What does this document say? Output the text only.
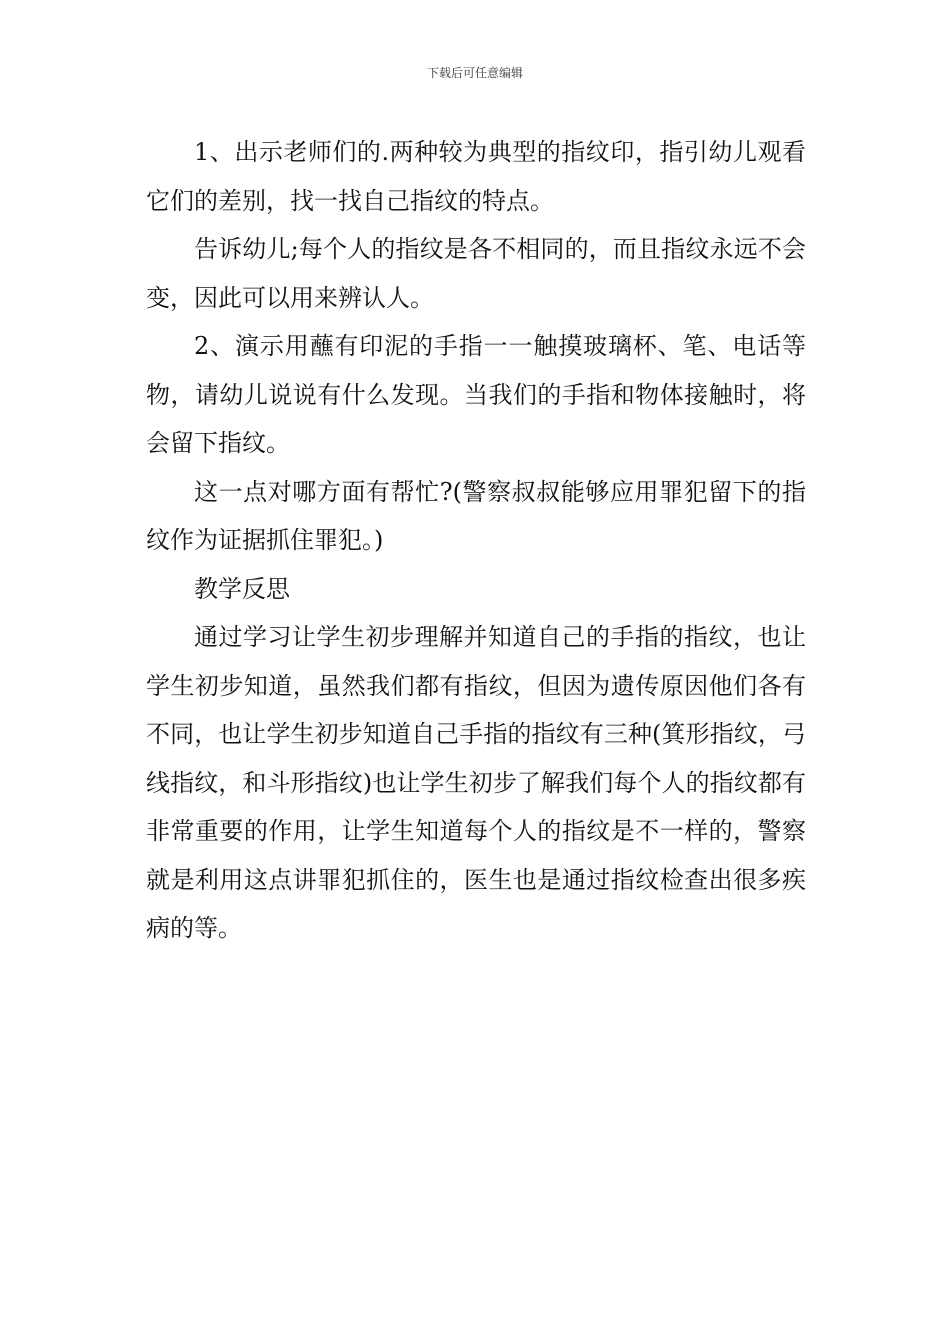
下载后可任意编辑

1、出示老师们的.两种较为典型的指纹印，指引幼儿观看它们的差别，找一找自己指纹的特点。

告诉幼儿;每个人的指纹是各不相同的，而且指纹永远不会变，因此可以用来辨认人。

2、演示用蘸有印泥的手指一一触摸玻璃杯、笔、电话等物，请幼儿说说有什么发现。当我们的手指和物体接触时，将会留下指纹。

这一点对哪方面有帮忙?(警察叔叔能够应用罪犯留下的指纹作为证据抓住罪犯。)

教学反思

通过学习让学生初步理解并知道自己的手指的指纹，也让学生初步知道，虽然我们都有指纹，但因为遗传原因他们各有不同，也让学生初步知道自己手指的指纹有三种(箕形指纹，弓线指纹，和斗形指纹)也让学生初步了解我们每个人的指纹都有非常重要的作用，让学生知道每个人的指纹是不一样的，警察就是利用这点讲罪犯抓住的，医生也是通过指纹检查出很多疾病的等。
